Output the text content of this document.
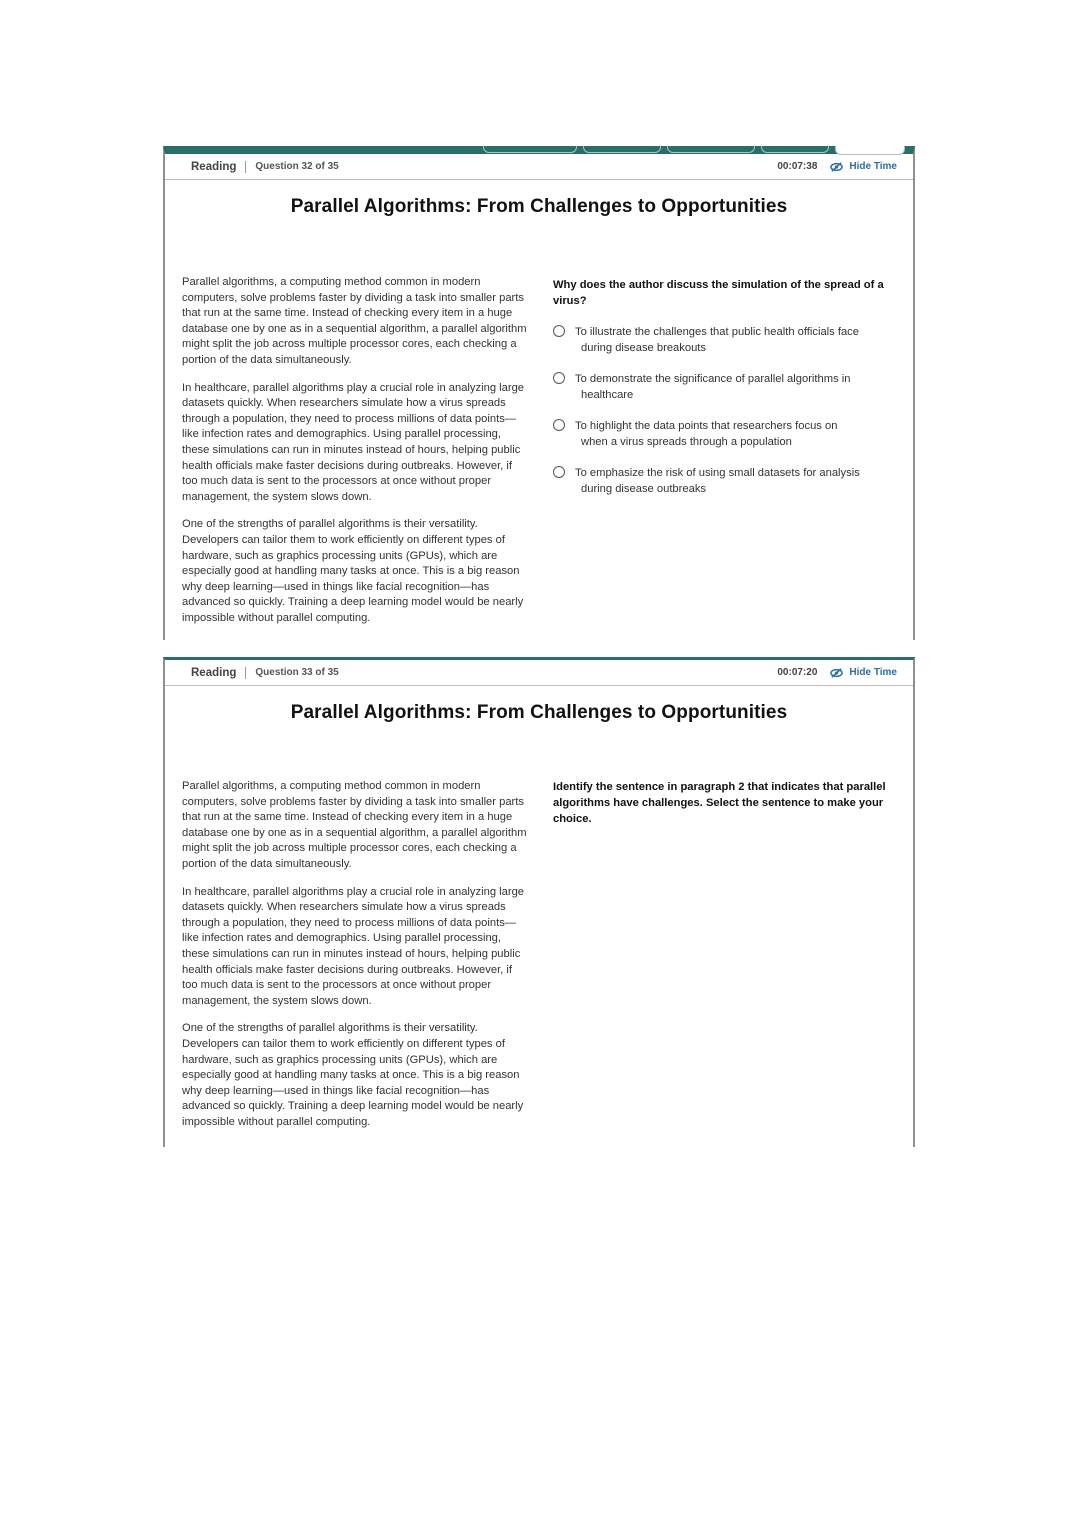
Reading Question 32 of 35	00:07:38	Hide Time
Parallel Algorithms: From Challenges to Opportunities

Parallel algorithms, a computing method common in modern computers, solve problems faster by dividing a task into smaller parts that run at the same time. Instead of checking every item in a huge database one by one as in a sequential algorithm, a parallel algorithm might split the job across multiple processor cores, each checking a portion of the data simultaneously.

In healthcare, parallel algorithms play a crucial role in analyzing large datasets quickly. When researchers simulate how a virus spreads through a population, they need to process millions of data points—like infection rates and demographics. Using parallel processing, these simulations can run in minutes instead of hours, helping public health officials make faster decisions during outbreaks. However, if too much data is sent to the processors at once without proper management, the system slows down.

One of the strengths of parallel algorithms is their versatility. Developers can tailor them to work efficiently on different types of hardware, such as graphics processing units (GPUs), which are especially good at handling many tasks at once. This is a big reason why deep learning—used in things like facial recognition—has advanced so quickly. Training a deep learning model would be nearly impossible without parallel computing.

Why does the author discuss the simulation of the spread of a virus?
To illustrate the challenges that public health officials face
during disease breakouts
To demonstrate the significance of parallel algorithms in
healthcare
To highlight the data points that researchers focus on
when a virus spreads through a population
To emphasize the risk of using small datasets for analysis
during disease outbreaks
Reading Question 33 of 35	00:07:20	Hide Time
Parallel Algorithms: From Challenges to Opportunities

Parallel algorithms, a computing method common in modern computers, solve problems faster by dividing a task into smaller parts that run at the same time. Instead of checking every item in a huge database one by one as in a sequential algorithm, a parallel algorithm might split the job across multiple processor cores, each checking a portion of the data simultaneously.

In healthcare, parallel algorithms play a crucial role in analyzing large datasets quickly. When researchers simulate how a virus spreads through a population, they need to process millions of data points—like infection rates and demographics. Using parallel processing, these simulations can run in minutes instead of hours, helping public health officials make faster decisions during outbreaks. However, if too much data is sent to the processors at once without proper management, the system slows down.

One of the strengths of parallel algorithms is their versatility. Developers can tailor them to work efficiently on different types of hardware, such as graphics processing units (GPUs), which are especially good at handling many tasks at once. This is a big reason why deep learning—used in things like facial recognition—has advanced so quickly. Training a deep learning model would be nearly impossible without parallel computing.

Identify the sentence in paragraph 2 that indicates that parallel algorithms have challenges. Select the sentence to make your choice.
